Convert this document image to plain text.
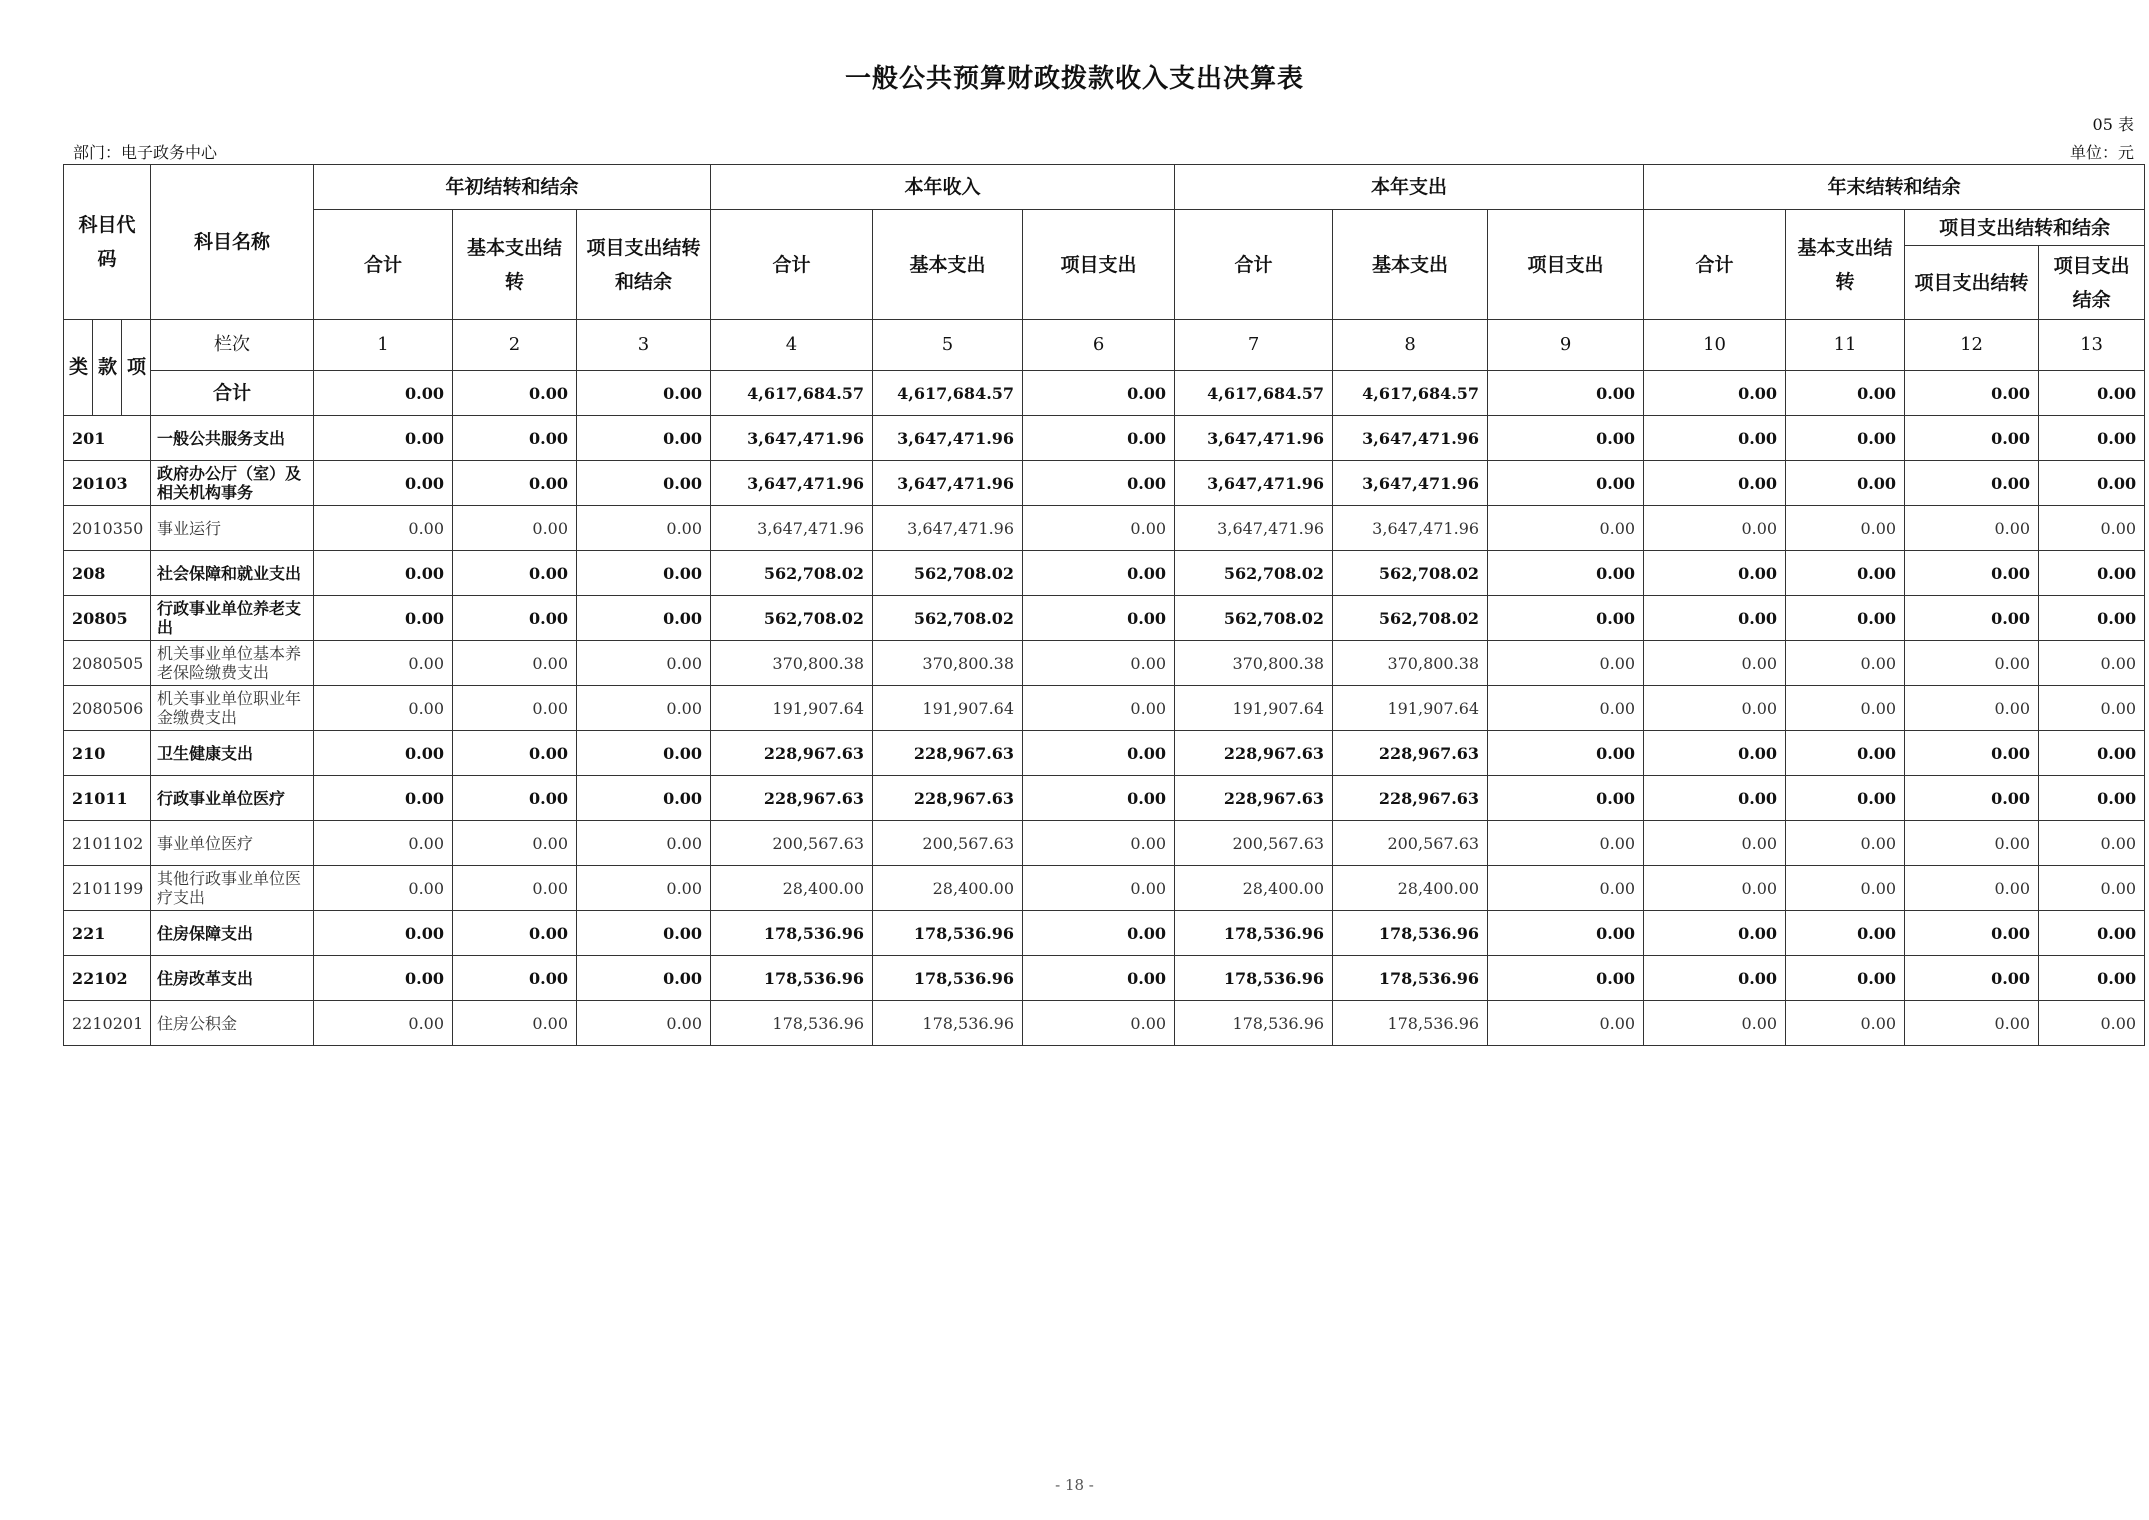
一般公共预算财政拨款收入支出决算表
05 表
部门：电子政务中心	单位：元
科目代码			科目名称	年初结转和结余			本年收入			本年支出			年末结转和结余			
				合计	基本支出结转	项目支出结转和结余	合计	基本支出	项目支出	合计	基本支出	项目支出	合计	基本支出结转	项目支出结转和结余	
															项目支出结转	项目支出结余
类	款	项	栏次	1	2	3	4	5	6	7	8	9	10	11	12	13
			合计	0.00	0.00	0.00	4,617,684.57	4,617,684.57	0.00	4,617,684.57	4,617,684.57	0.00	0.00	0.00	0.00	0.00
201			一般公共服务支出	0.00	0.00	0.00	3,647,471.96	3,647,471.96	0.00	3,647,471.96	3,647,471.96	0.00	0.00	0.00	0.00	0.00
20103			政府办公厅（室）及相关机构事务	0.00	0.00	0.00	3,647,471.96	3,647,471.96	0.00	3,647,471.96	3,647,471.96	0.00	0.00	0.00	0.00	0.00
2010350			事业运行	0.00	0.00	0.00	3,647,471.96	3,647,471.96	0.00	3,647,471.96	3,647,471.96	0.00	0.00	0.00	0.00	0.00
208			社会保障和就业支出	0.00	0.00	0.00	562,708.02	562,708.02	0.00	562,708.02	562,708.02	0.00	0.00	0.00	0.00	0.00
20805			行政事业单位养老支出	0.00	0.00	0.00	562,708.02	562,708.02	0.00	562,708.02	562,708.02	0.00	0.00	0.00	0.00	0.00
2080505			机关事业单位基本养老保险缴费支出	0.00	0.00	0.00	370,800.38	370,800.38	0.00	370,800.38	370,800.38	0.00	0.00	0.00	0.00	0.00
2080506			机关事业单位职业年金缴费支出	0.00	0.00	0.00	191,907.64	191,907.64	0.00	191,907.64	191,907.64	0.00	0.00	0.00	0.00	0.00
210			卫生健康支出	0.00	0.00	0.00	228,967.63	228,967.63	0.00	228,967.63	228,967.63	0.00	0.00	0.00	0.00	0.00
21011			行政事业单位医疗	0.00	0.00	0.00	228,967.63	228,967.63	0.00	228,967.63	228,967.63	0.00	0.00	0.00	0.00	0.00
2101102			事业单位医疗	0.00	0.00	0.00	200,567.63	200,567.63	0.00	200,567.63	200,567.63	0.00	0.00	0.00	0.00	0.00
2101199			其他行政事业单位医疗支出	0.00	0.00	0.00	28,400.00	28,400.00	0.00	28,400.00	28,400.00	0.00	0.00	0.00	0.00	0.00
221			住房保障支出	0.00	0.00	0.00	178,536.96	178,536.96	0.00	178,536.96	178,536.96	0.00	0.00	0.00	0.00	0.00
22102			住房改革支出	0.00	0.00	0.00	178,536.96	178,536.96	0.00	178,536.96	178,536.96	0.00	0.00	0.00	0.00	0.00
2210201			住房公积金	0.00	0.00	0.00	178,536.96	178,536.96	0.00	178,536.96	178,536.96	0.00	0.00	0.00	0.00	0.00
- 18 -
